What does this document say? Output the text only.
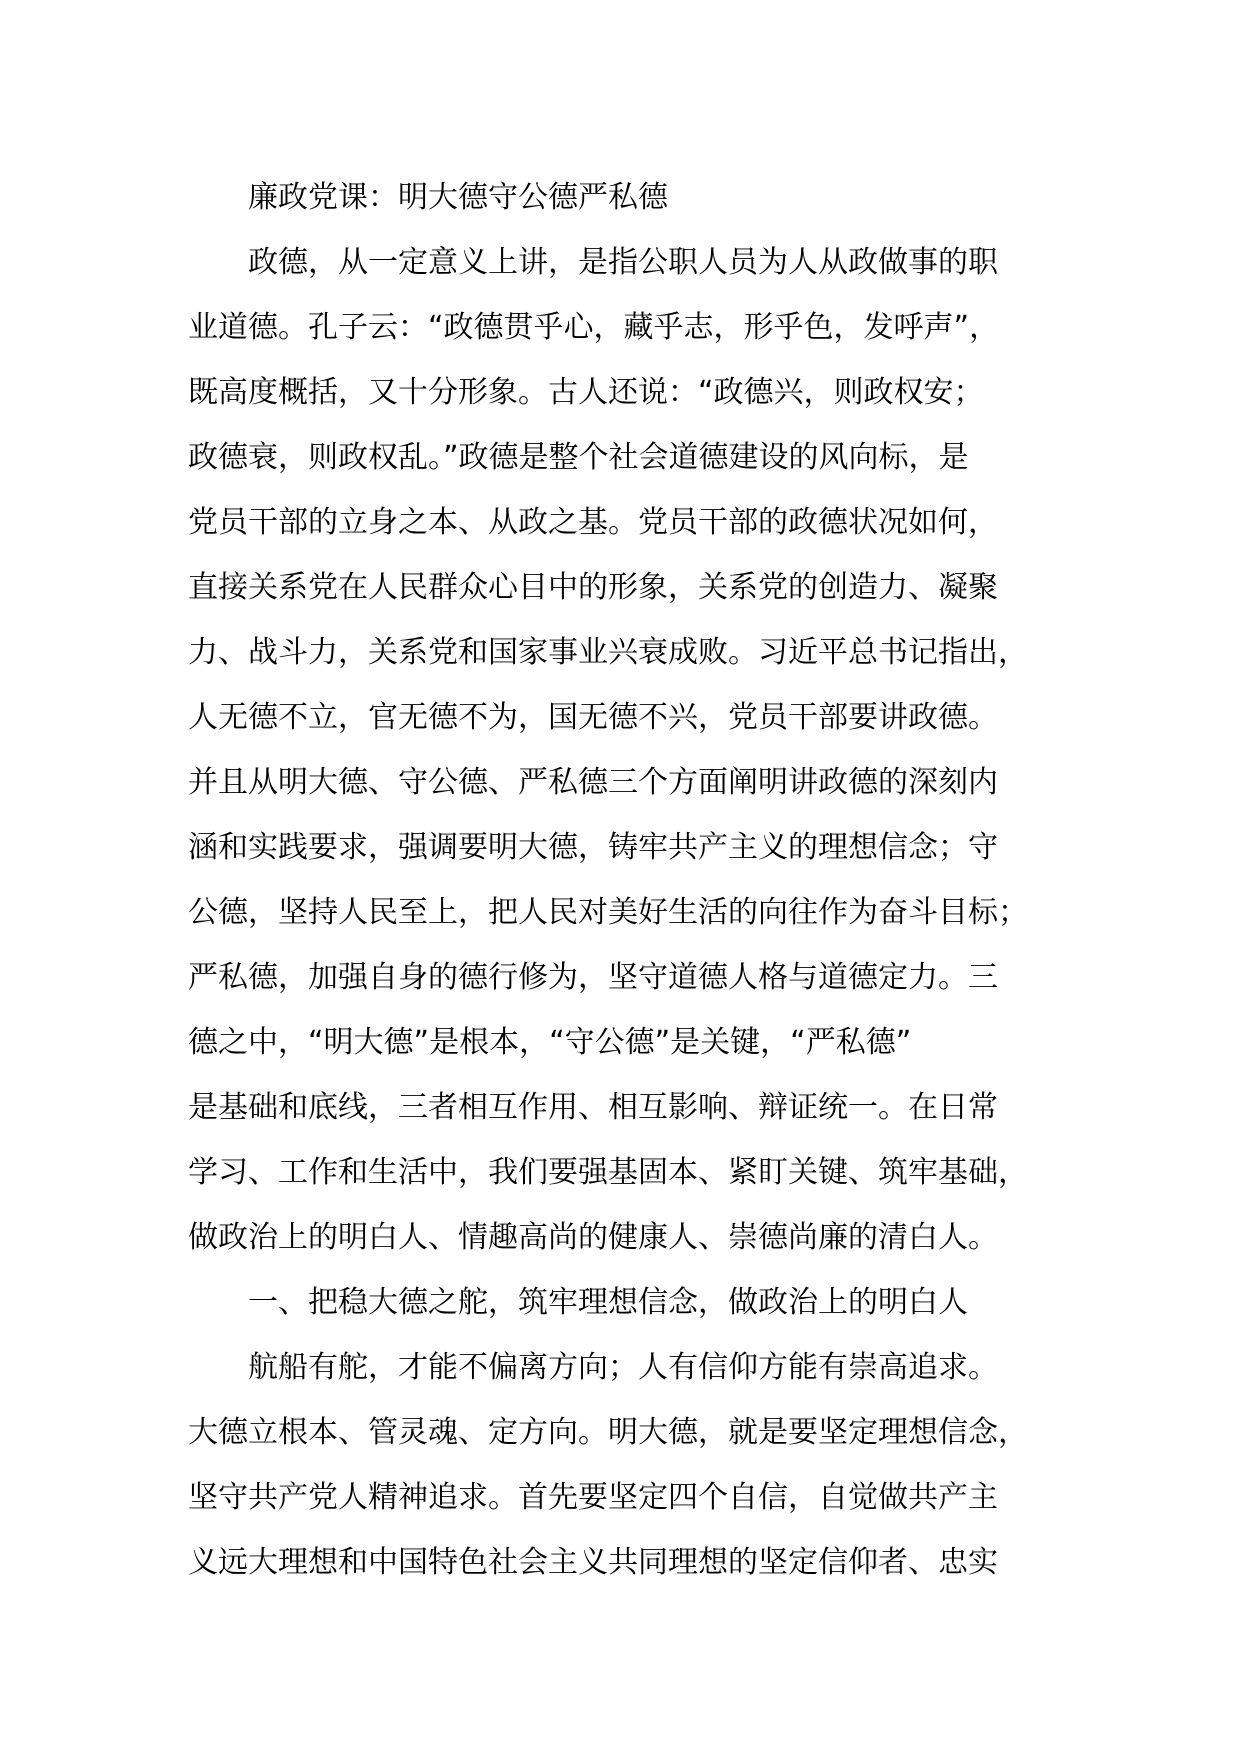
廉政党课：明大德守公德严私德
政德，从一定意义上讲，是指公职人员为人从政做事的职
业道德。孔子云：“政德贯乎心，藏乎志，形乎色，发呼声”，
既高度概括，又十分形象。古人还说：“政德兴，则政权安；
政德衰，则政权乱。”政德是整个社会道德建设的风向标，是
党员干部的立身之本、从政之基。党员干部的政德状况如何，
直接关系党在人民群众心目中的形象，关系党的创造力、凝聚
力、战斗力，关系党和国家事业兴衰成败。习近平总书记指出，
人无德不立，官无德不为，国无德不兴，党员干部要讲政德。
并且从明大德、守公德、严私德三个方面阐明讲政德的深刻内
涵和实践要求，强调要明大德，铸牢共产主义的理想信念；守
公德，坚持人民至上，把人民对美好生活的向往作为奋斗目标；
严私德，加强自身的德行修为，坚守道德人格与道德定力。三
德之中，“明大德”是根本，“守公德”是关键，“严私德”
是基础和底线，三者相互作用、相互影响、辩证统一。在日常
学习、工作和生活中，我们要强基固本、紧盯关键、筑牢基础，
做政治上的明白人、情趣高尚的健康人、崇德尚廉的清白人。
一、把稳大德之舵，筑牢理想信念，做政治上的明白人
航船有舵，才能不偏离方向；人有信仰方能有崇高追求。
大德立根本、管灵魂、定方向。明大德，就是要坚定理想信念，
坚守共产党人精神追求。首先要坚定四个自信，自觉做共产主
义远大理想和中国特色社会主义共同理想的坚定信仰者、忠实
